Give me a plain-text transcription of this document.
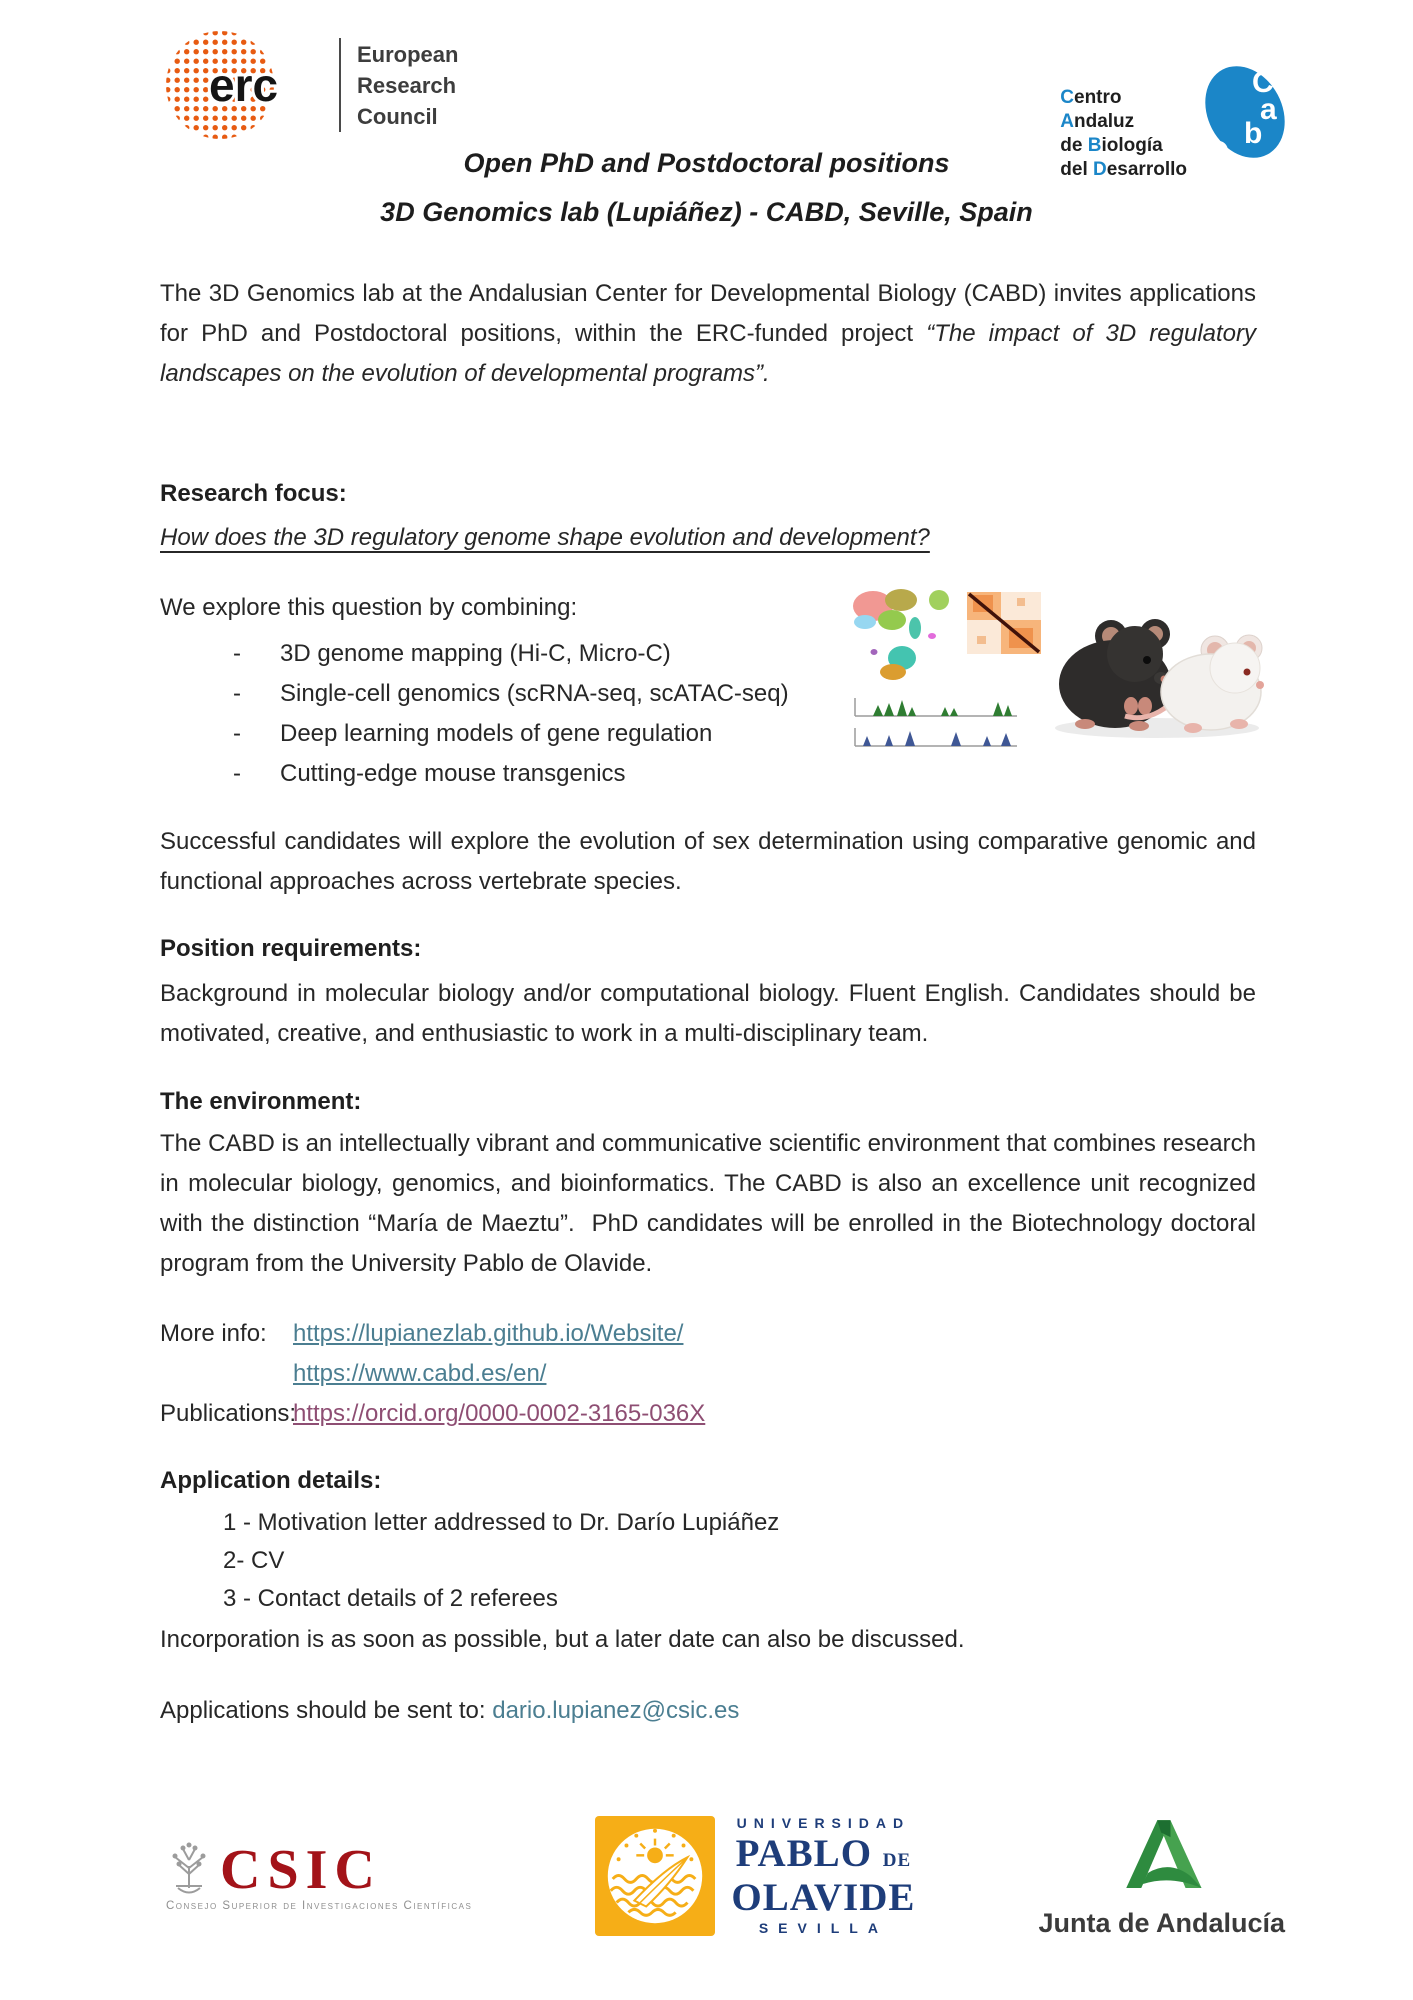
erc
European
Research
Council
Centro
Andaluz
de Biología
del Desarrollo
C
a
b
D
Open PhD and Postdoctoral positions
3D Genomics lab (Lupiáñez) - CABD, Seville, Spain

The 3D Genomics lab at the Andalusian Center for Developmental Biology (CABD) invites applications for PhD and Postdoctoral positions, within the ERC-funded project “The impact of 3D regulatory landscapes on the evolution of developmental programs”.

Research focus:

How does the 3D regulatory genome shape evolution and development?

We explore this question by combining:

-	3D genome mapping (Hi-C, Micro-C)
-	Single-cell genomics (scRNA-seq, scATAC-seq)
-	Deep learning models of gene regulation
-	Cutting-edge mouse transgenics

Successful candidates will explore the evolution of sex determination using comparative genomic and functional approaches across vertebrate species.

Position requirements:

Background in molecular biology and/or computational biology. Fluent English. Candidates should be motivated, creative, and enthusiastic to work in a multi-disciplinary team.

The environment:

The CABD is an intellectually vibrant and communicative scientific environment that combines research in molecular biology, genomics, and bioinformatics. The CABD is also an excellence unit recognized with the distinction “María de Maeztu”.  PhD candidates will be enrolled in the Biotechnology doctoral program from the University Pablo de Olavide.

More info:	https://lupianezlab.github.io/Website/
https://www.cabd.es/en/
Publications:
https://orcid.org/0000-0002-3165-036X

Application details:

1 - Motivation letter addressed to Dr. Darío Lupiáñez
2- CV
3 - Contact details of 2 referees

Incorporation is as soon as possible, but a later date can also be discussed.

Applications should be sent to: dario.lupianez@csic.es

CSIC
Consejo Superior de Investigaciones Científicas
UNIVERSIDAD
PABLO DE
OLAVIDE
SEVILLA	Junta de Andalucía
